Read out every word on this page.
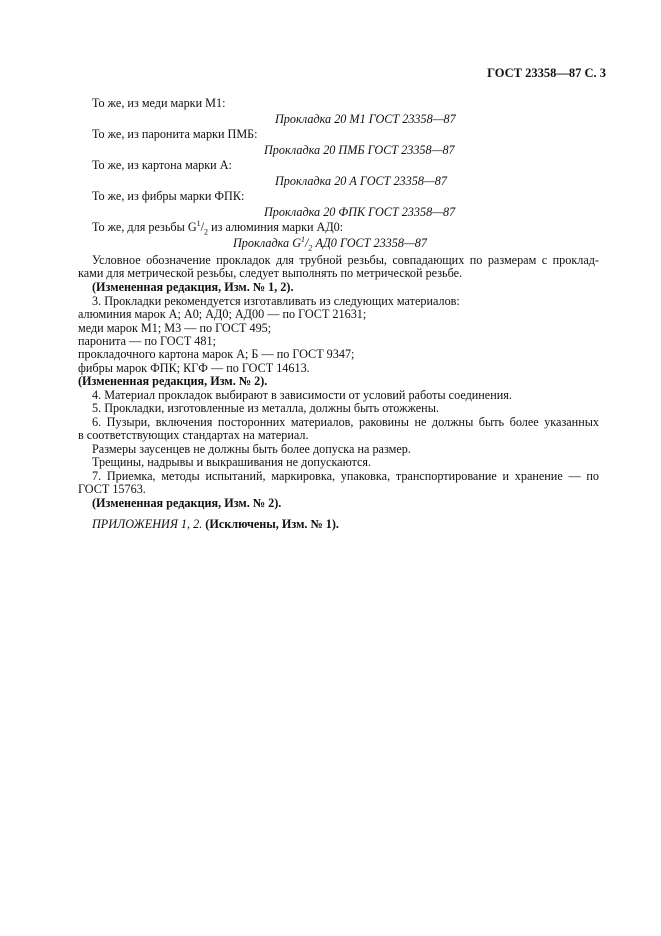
ГОСТ 23358—87 С. 3
То же, из меди марки М1:
Прокладка 20 М1 ГОСТ 23358—87
То же, из паронита марки ПМБ:
Прокладка 20 ПМБ ГОСТ 23358—87
То же, из картона марки А:
Прокладка 20 А ГОСТ 23358—87
То же, из фибры марки ФПК:
Прокладка 20 ФПК ГОСТ 23358—87
То же, для резьбы $G^1/_2$ из алюминия марки АД0:
Прокладка $G^1/_2$ АД0 ГОСТ 23358—87
Условное обозначение прокладок для трубной резьбы, совпадающих по размерам с проклад-
ками для метрической резьбы, следует выполнять по метрической резьбе.
(Измененная редакция, Изм. № 1, 2).
3. Прокладки рекомендуется изготавливать из следующих материалов:
алюминия марок А; А0; АД0; АД00 — по ГОСТ 21631;
меди марок М1; М3 — по ГОСТ 495;
паронита — по ГОСТ 481;
прокладочного картона марок А; Б — по ГОСТ 9347;
фибры марок ФПК; КГФ — по ГОСТ 14613.
(Измененная редакция, Изм. № 2).
4. Материал прокладок выбирают в зависимости от условий работы соединения.
5. Прокладки, изготовленные из металла, должны быть отожжены.
6. Пузыри, включения посторонних материалов, раковины не должны быть более указанных
в соответствующих стандартах на материал.
Размеры заусенцев не должны быть более допуска на размер.
Трещины, надрывы и выкрашивания не допускаются.
7. Приемка, методы испытаний, маркировка, упаковка, транспортирование и хранение — по
ГОСТ 15763.
(Измененная редакция, Изм. № 2).
ПРИЛОЖЕНИЯ 1, 2. (Исключены, Изм. № 1).
